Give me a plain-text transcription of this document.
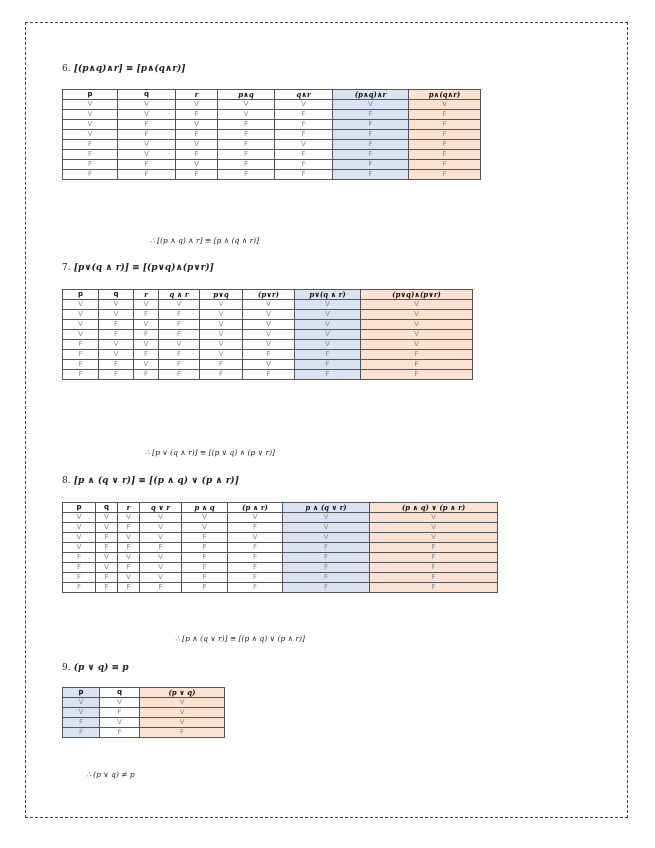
6. [(p∧q)∧r] ≡ [p∧(q∧r)]
p	q	r	p∧q	q∧r	(p∧q)∧r	p∧(q∧r)
V	V	V	V	V	V	V
V	V	F	V	F	F	F
V	F	V	F	F	F	F
V	F	F	F	F	F	F
F	V	V	F	V	F	F
F	V	F	F	F	F	F
F	F	V	F	F	F	F
F	F	F	F	F	F	F
∴ [(p ∧ q) ∧ r] ≡ [p ∧ (q ∧ r)]
7. [p∨(q ∧ r)] ≡ [(p∨q)∧(p∨r)]
p	q	r	q ∧ r	p∨q	(p∨r)	p∨(q ∧ r)	(p∨q)∧(p∨r)
V	V	V	V	V	V	V	V
V	V	F	F	V	V	V	V
V	F	V	F	V	V	V	V
V	F	F	F	V	V	V	V
F	V	V	V	V	V	V	V
F	V	F	F	V	F	F	F
F	F	V	F	F	V	F	F
F	F	F	F	F	F	F	F
∴ [p ∨ (q ∧ r)] ≡ [(p ∨ q) ∧ (p ∨ r)]
8. [p ∧ (q ∨ r)] ≡ [(p ∧ q) ∨ (p ∧ r)]
p	q	r	q ∨ r	p ∧ q	(p ∧ r)	p ∧ (q ∨ r)	(p ∧ q) ∨ (p ∧ r)
V	V	V	V	V	V	V	V
V	V	F	V	V	F	V	V
V	F	V	V	F	V	V	V
V	F	F	F	F	F	F	F
F	V	V	V	F	F	F	F
F	V	F	V	F	F	F	F
F	F	V	V	F	F	F	F
F	F	F	F	F	F	F	F
∴ [p ∧ (q ∨ r)] ≡ [(p ∧ q) ∨ (p ∧ r)]
9. (p ∨ q) ≡ p
p	q	(p ∨ q)
V	V	V
V	F	V
F	V	V
F	F	F
∴ (p ∨ q) ≠ p
